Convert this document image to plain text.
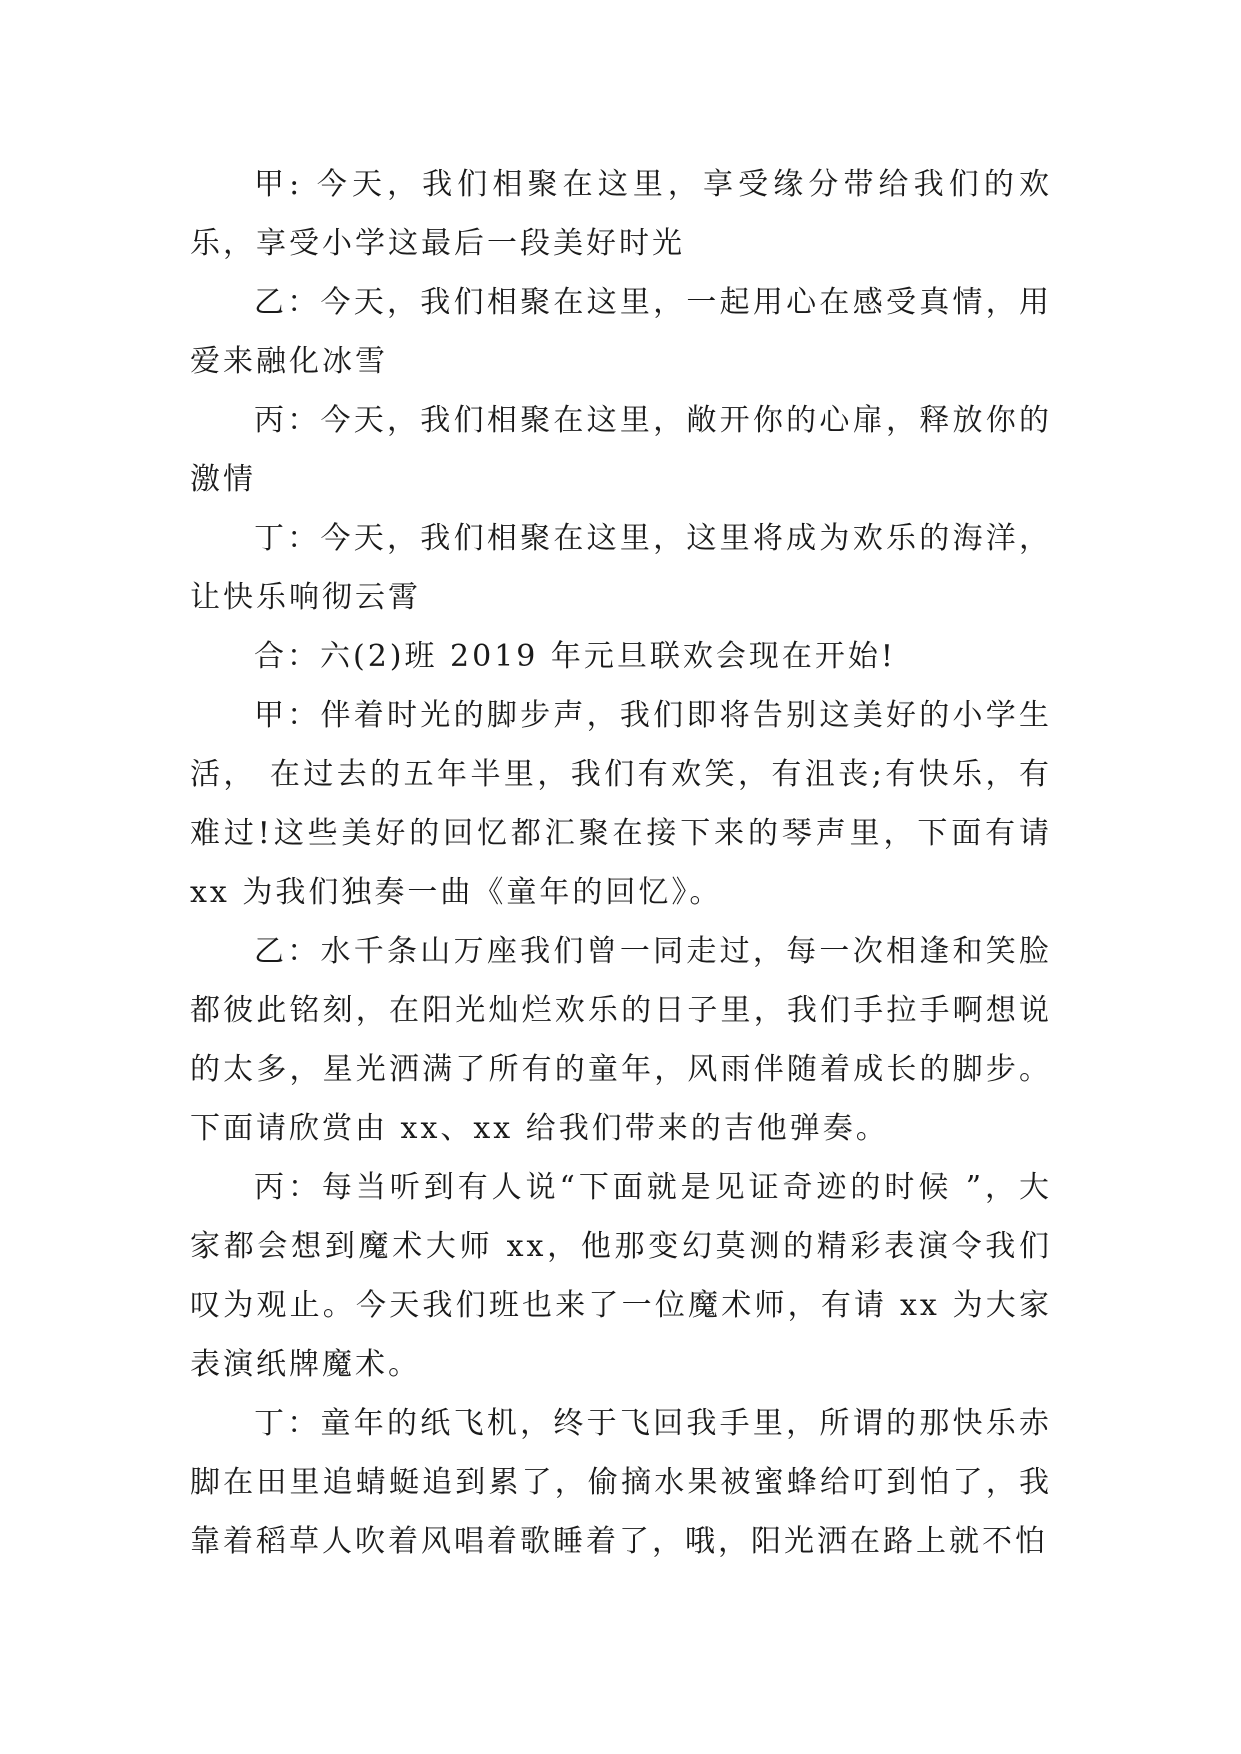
甲: 今天，我们相聚在这里，享受缘分带给我们的欢乐，享受小学这最后一段美好时光

乙：今天，我们相聚在这里，一起用心在感受真情，用爱来融化冰雪

丙：今天，我们相聚在这里，敞开你的心扉，释放你的激情

丁：今天，我们相聚在这里，这里将成为欢乐的海洋，让快乐响彻云霄

合：六(2)班 2019 年元旦联欢会现在开始!

甲：伴着时光的脚步声，我们即将告别这美好的小学生活， 在过去的五年半里，我们有欢笑，有沮丧;有快乐，有难过!这些美好的回忆都汇聚在接下来的琴声里，下面有请 xx 为我们独奏一曲《童年的回忆》。

乙：水千条山万座我们曾一同走过，每一次相逢和笑脸都彼此铭刻，在阳光灿烂欢乐的日子里，我们手拉手啊想说的太多，星光洒满了所有的童年，风雨伴随着成长的脚步。下面请欣赏由 xx、xx 给我们带来的吉他弹奏。

丙：每当听到有人说“下面就是见证奇迹的时候 ”，大家都会想到魔术大师 xx，他那变幻莫测的精彩表演令我们叹为观止。今天我们班也来了一位魔术师，有请 xx 为大家表演纸牌魔术。

丁：童年的纸飞机，终于飞回我手里，所谓的那快乐赤脚在田里追蜻蜓追到累了，偷摘水果被蜜蜂给叮到怕了，我靠着稻草人吹着风唱着歌睡着了，哦，阳光洒在路上就不怕
